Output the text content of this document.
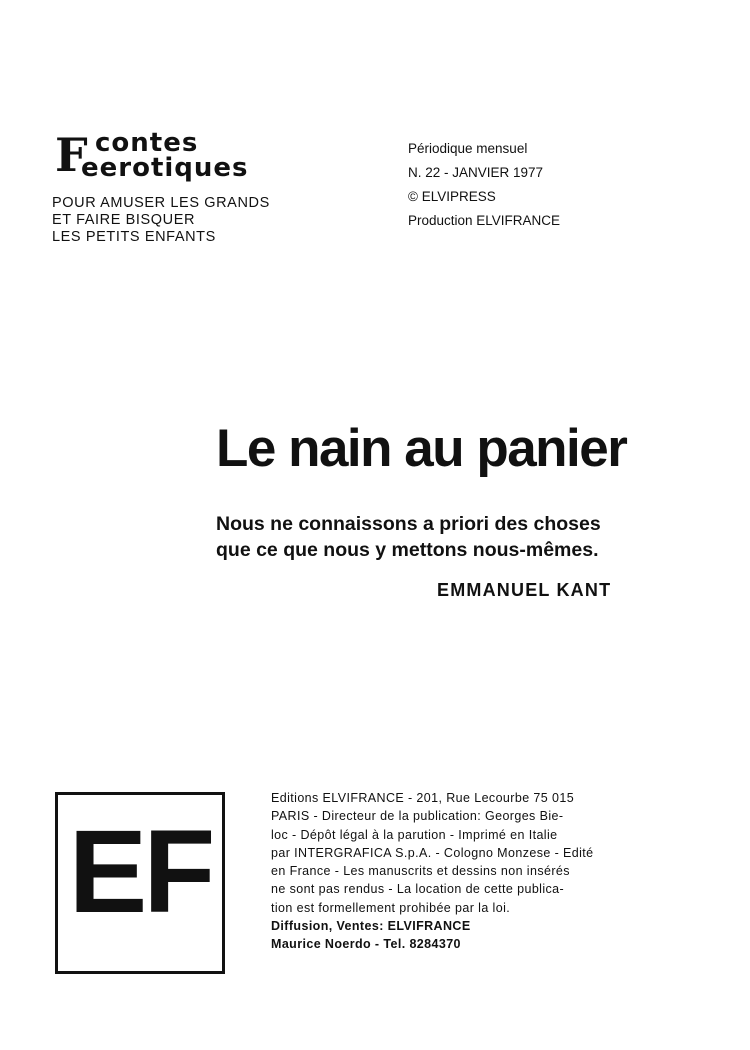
F contes
eerotiques
POUR AMUSER LES GRANDS
ET FAIRE BISQUER
LES PETITS ENFANTS
Périodique mensuel
N. 22 - JANVIER 1977
© ELVIPRESS
Production ELVIFRANCE
Le nain au panier
Nous ne connaissons a priori des choses
que ce que nous y mettons nous-mêmes.
EMMANUEL KANT
EF
Editions ELVIFRANCE - 201, Rue Lecourbe 75 015
PARIS - Directeur de la publication: Georges Bie-
loc - Dépôt légal à la parution - Imprimé en Italie
par INTERGRAFICA S.p.A. - Cologno Monzese - Edité
en France - Les manuscrits et dessins non insérés
ne sont pas rendus - La location de cette publica-
tion est formellement prohibée par la loi.
Diffusion, Ventes: ELVIFRANCE
Maurice Noerdo - Tel. 8284370
